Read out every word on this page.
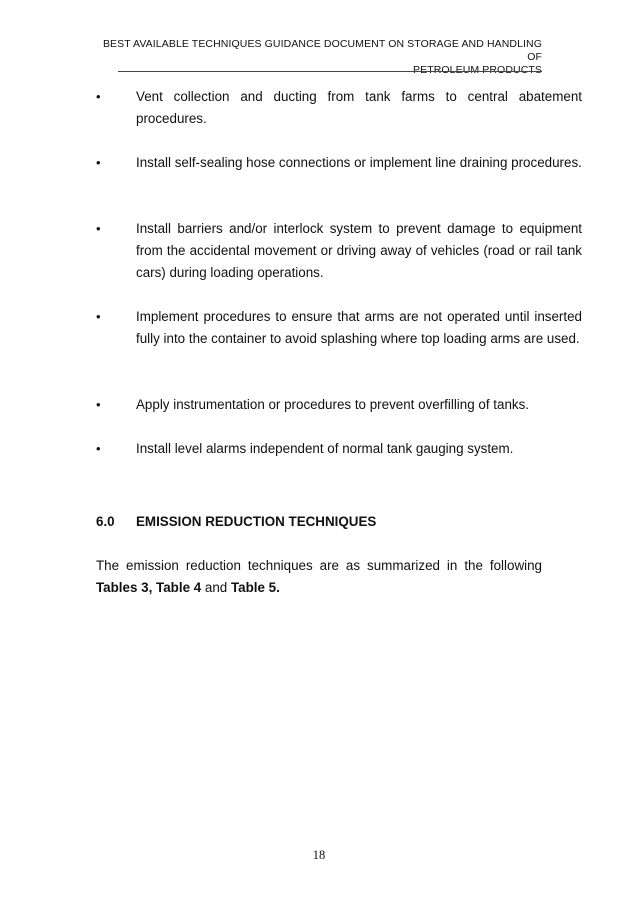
BEST AVAILABLE TECHNIQUES GUIDANCE DOCUMENT ON STORAGE AND HANDLING OF
PETROLEUM PRODUCTS
•	Vent collection and ducting from tank farms to central abatement procedures.
•	Install self-sealing hose connections or implement line draining procedures.
•	Install barriers and/or interlock system to prevent damage to equipment from the accidental movement or driving away of vehicles (road or rail tank cars) during loading operations.
•	Implement procedures to ensure that arms are not operated until inserted fully into the container to avoid splashing where top loading arms are used.
•	Apply instrumentation or procedures to prevent overfilling of tanks.
•	Install level alarms independent of normal tank gauging system.
6.0 EMISSION REDUCTION TECHNIQUES
The emission reduction techniques are as summarized in the following Tables 3, Table 4 and Table 5.
18
